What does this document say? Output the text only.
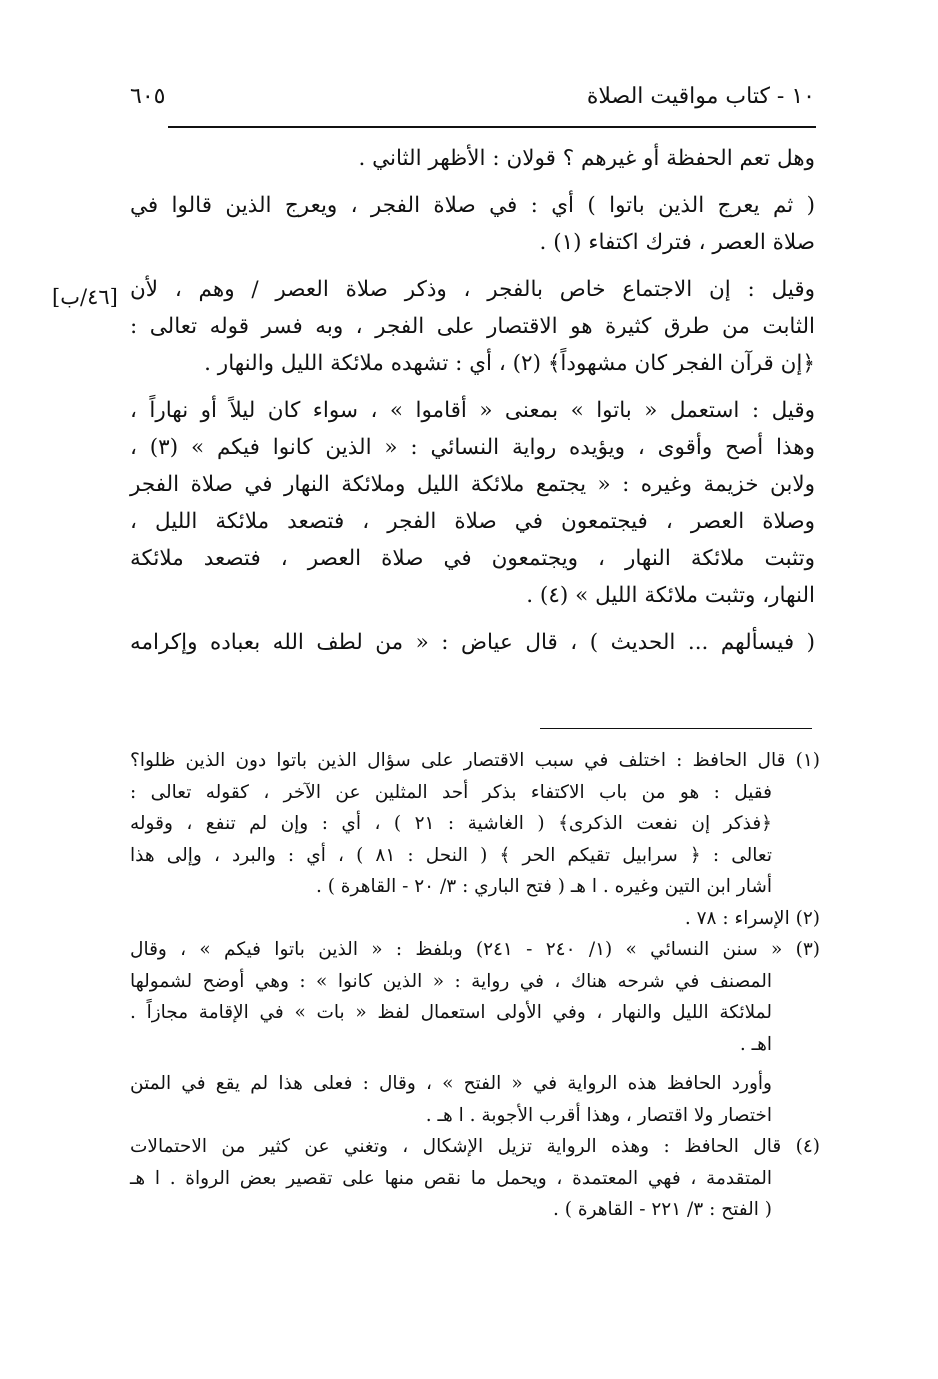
١٠ - كتاب مواقيت الصلاة
٦٠٥
[٤٦/ب]
وهل تعم الحفظة أو غيرهم ؟ قولان : الأظهر الثاني .
( ثم يعرج الذين باتوا ) أي : في صلاة الفجر ، ويعرج الذين قالوا في
صلاة العصر ، فترك اكتفاء (١) .
وقيل : إن الاجتماع خاص بالفجر ، وذكر صلاة العصر / وهم ، لأن
الثابت من طرق كثيرة هو الاقتصار على الفجر ، وبه فسر قوله تعالى :
﴿إن قرآن الفجر كان مشهوداً﴾ (٢) ، أي : تشهده ملائكة الليل والنهار .
وقيل : استعمل « باتوا » بمعنى « أقاموا » ، سواء كان ليلاً أو نهاراً ،
وهذا أصح وأقوى ، ويؤيده رواية النسائي : « الذين كانوا فيكم » (٣) ،
ولابن خزيمة وغيره : « يجتمع ملائكة الليل وملائكة النهار في صلاة الفجر
وصلاة العصر ، فيجتمعون في صلاة الفجر ، فتصعد ملائكة الليل ،
وتثبت ملائكة النهار ، ويجتمعون في صلاة العصر ، فتصعد ملائكة
النهار، وتثبت ملائكة الليل » (٤) .
( فيسألهم ... الحديث ) ، قال عياض : « من لطف الله بعباده وإكرامه
(١) قال الحافظ : اختلف في سبب الاقتصار على سؤال الذين باتوا دون الذين ظلوا؟
فقيل : هو من باب الاكتفاء بذكر أحد المثلين عن الآخر ، كقوله تعالى :
﴿فذكر إن نفعت الذكرى﴾ ( الغاشية : ٢١ ) ، أي : وإن لم تنفع ، وقوله
تعالى : ﴿ سرابيل تقيكم الحر ﴾ ( النحل : ٨١ ) ، أي : والبرد ، وإلى هذا
أشار ابن التين وغيره . ا هـ ( فتح الباري : ٣/ ٢٠ - القاهرة ) .
(٢) الإسراء : ٧٨ .
(٣) « سنن النسائي » (١/ ٢٤٠ - ٢٤١) وبلفظ : « الذين باتوا فيكم » ، وقال
المصنف في شرحه هناك ، في رواية : « الذين كانوا » : وهي أوضح لشمولها
لملائكة الليل والنهار ، وفي الأولى استعمال لفظ « بات » في الإقامة مجازاً .
اهـ .
وأورد الحافظ هذه الرواية في « الفتح » ، وقال : فعلى هذا لم يقع في المتن
اختصار ولا اقتصار ، وهذا أقرب الأجوبة . ا هـ .
(٤) قال الحافظ : وهذه الرواية تزيل الإشكال ، وتغني عن كثير من الاحتمالات
المتقدمة ، فهي المعتمدة ، ويحمل ما نقص منها على تقصير بعض الرواة . ا هـ
( الفتح : ٣/ ٢٢١ - القاهرة ) .
